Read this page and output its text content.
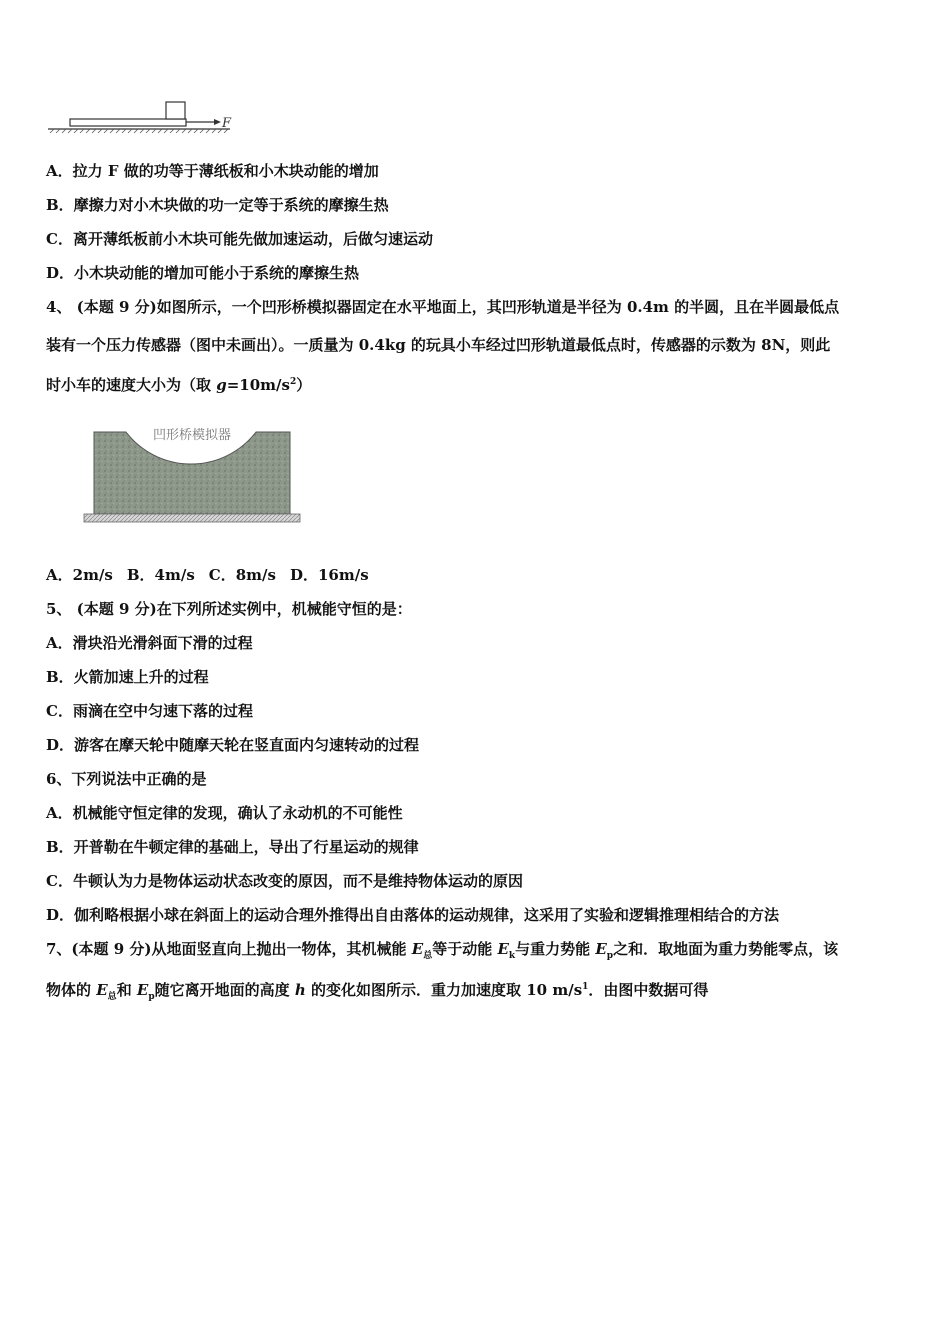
F
A．拉力 F 做的功等于薄纸板和小木块动能的增加
B．摩擦力对小木块做的功一定等于系统的摩擦生热
C．离开薄纸板前小木块可能先做加速运动，后做匀速运动
D．小木块动能的增加可能小于系统的摩擦生热
4、 (本题 9 分)如图所示，一个凹形桥模拟器固定在水平地面上，其凹形轨道是半径为 0.4m 的半圆，且在半圆最低点
装有一个压力传感器（图中未画出）。一质量为 0.4kg 的玩具小车经过凹形轨道最低点时，传感器的示数为 8N，则此
时小车的速度大小为（取 $g=10m/s^2$）
凹形桥模拟器
A．2m/s B．4m/s C．8m/s D．16m/s
5、 (本题 9 分)在下列所述实例中，机械能守恒的是：
A．滑块沿光滑斜面下滑的过程
B．火箭加速上升的过程
C．雨滴在空中匀速下落的过程
D．游客在摩天轮中随摩天轮在竖直面内匀速转动的过程
6、下列说法中正确的是
A．机械能守恒定律的发现，确认了永动机的不可能性
B．开普勒在牛顿定律的基础上，导出了行星运动的规律
C．牛顿认为力是物体运动状态改变的原因，而不是维持物体运动的原因
D．伽利略根据小球在斜面上的运动合理外推得出自由落体的运动规律，这采用了实验和逻辑推理相结合的方法
7、(本题 9 分)从地面竖直向上抛出一物体，其机械能 $E_总$等于动能 $E_k$与重力势能 $E_p$之和．取地面为重力势能零点，该
物体的 $E_总$和 $E_p$随它离开地面的高度 h 的变化如图所示．重力加速度取 10 $m/s^1$．由图中数据可得
